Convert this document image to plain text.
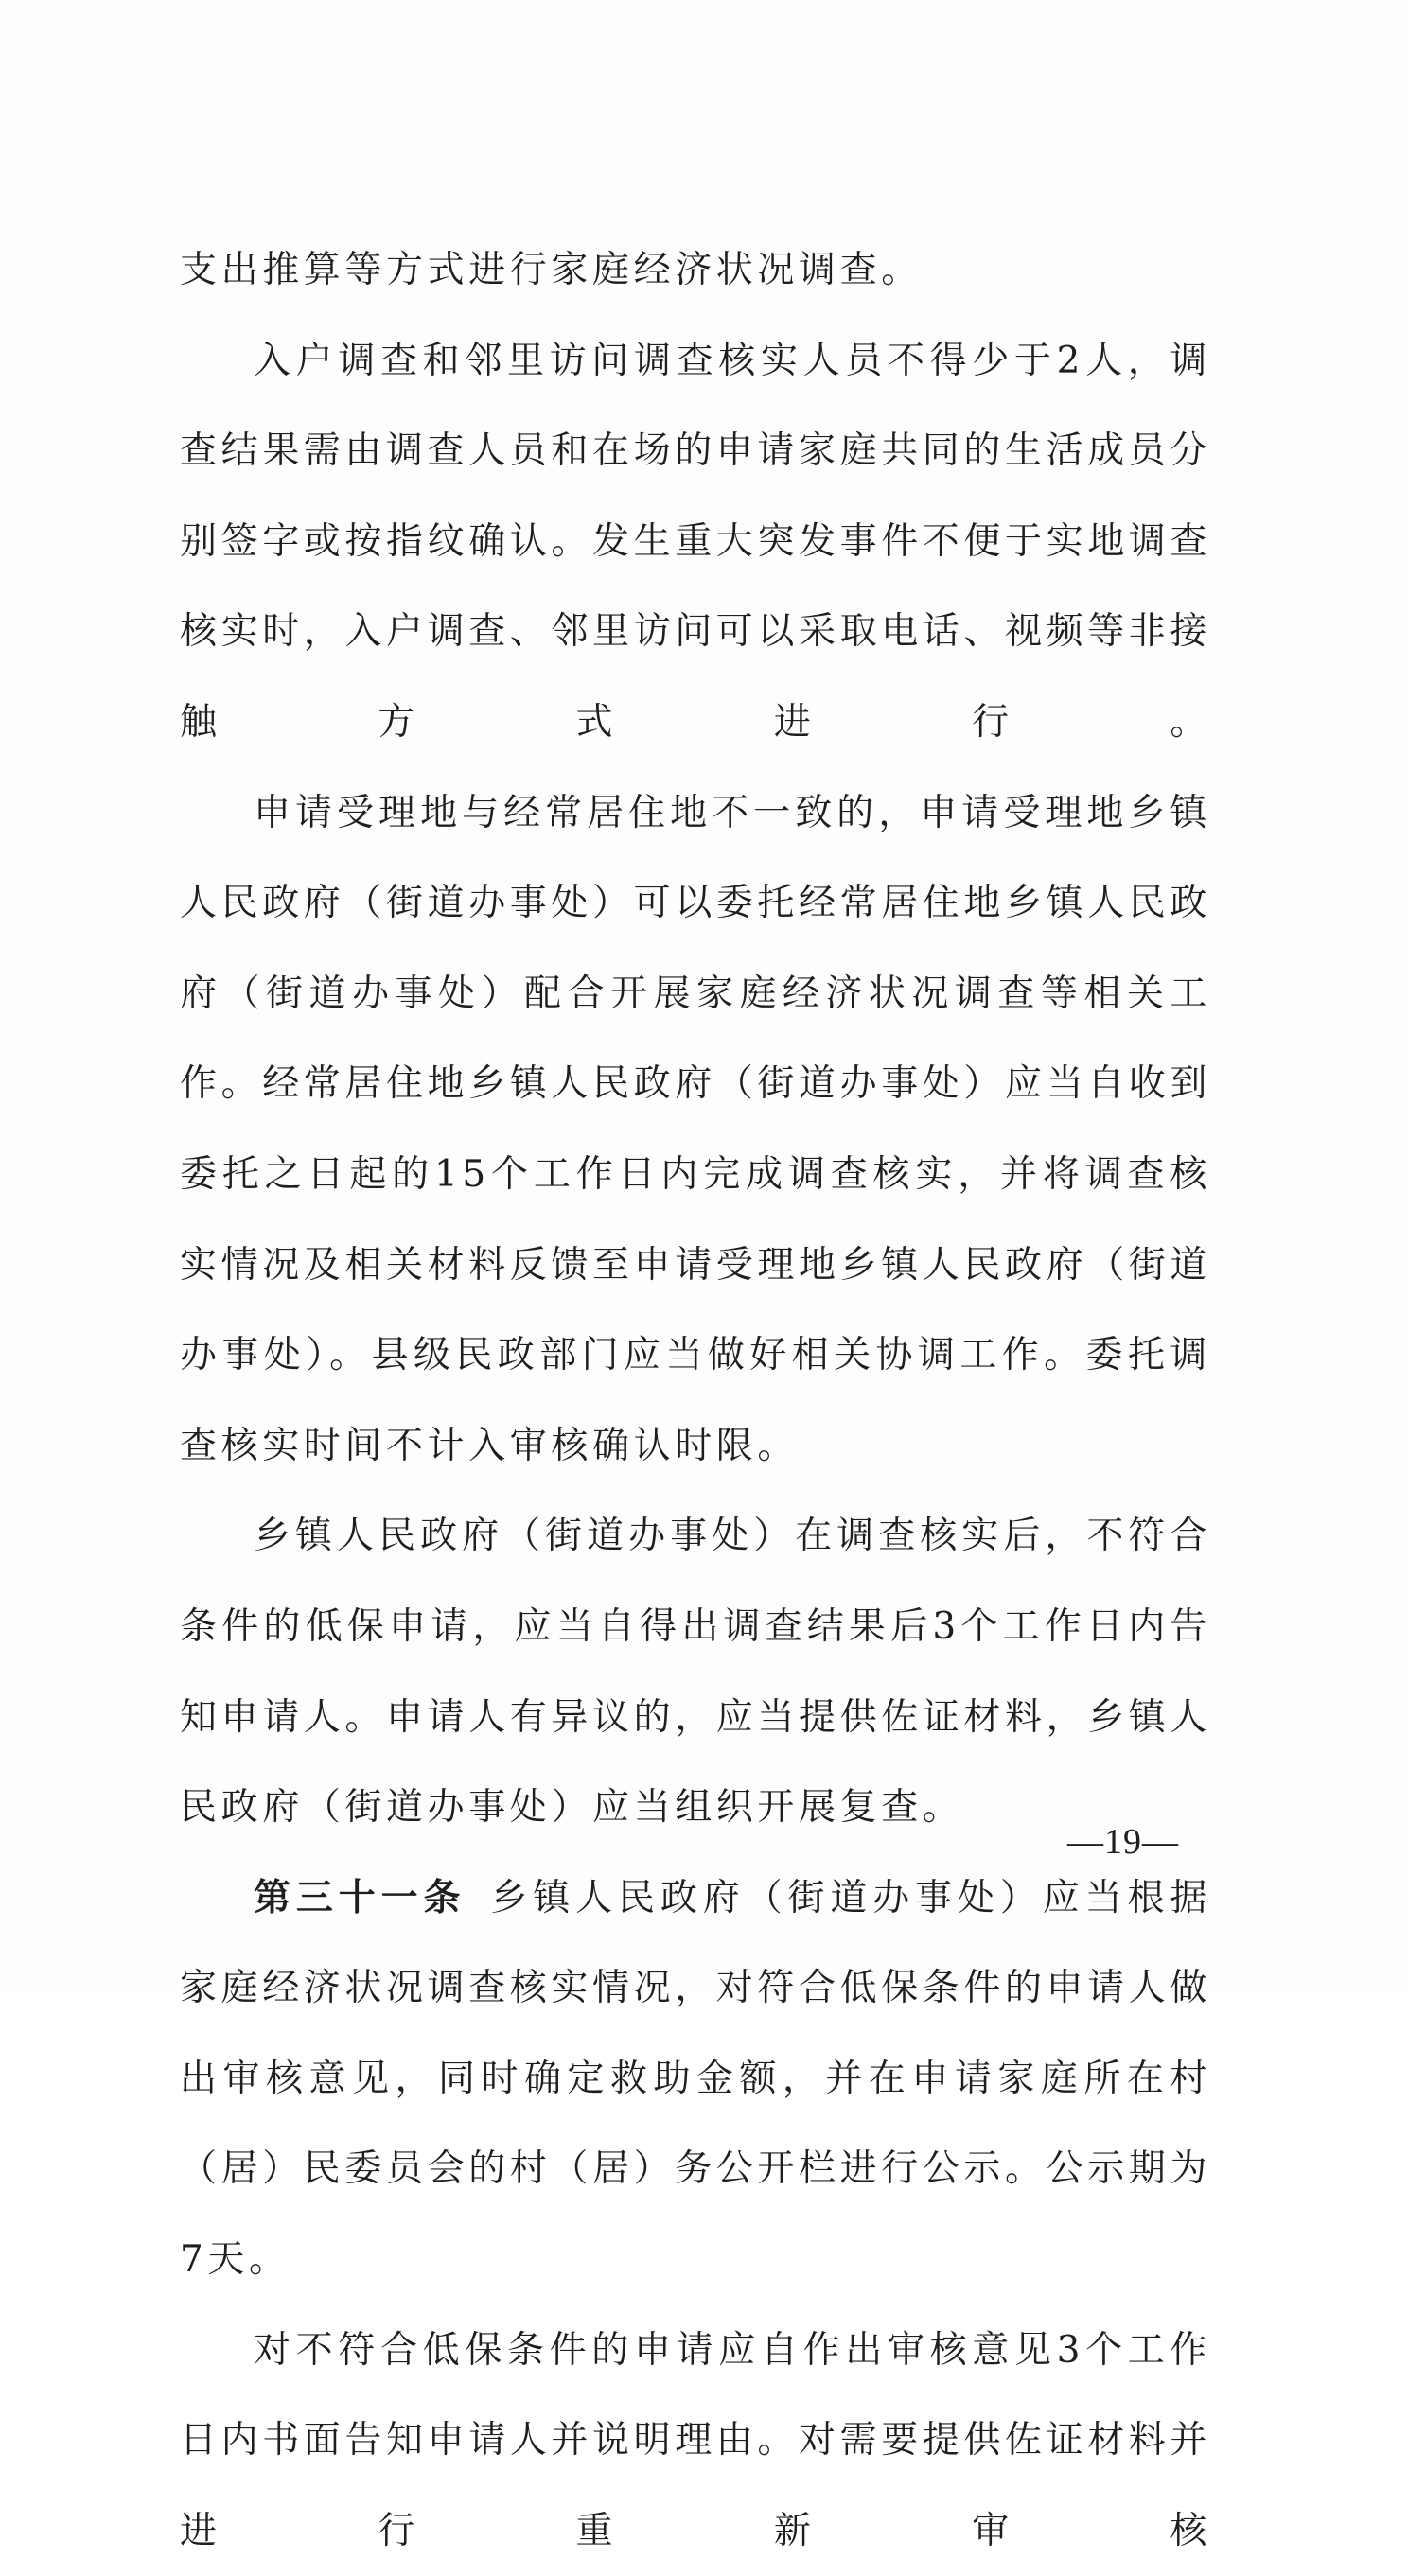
支出推算等方式进行家庭经济状况调查。

入户调查和邻里访问调查核实人员不得少于2人，调查结果需由调查人员和在场的申请家庭共同的生活成员分别签字或按指纹确认。发生重大突发事件不便于实地调查核实时，入户调查、邻里访问可以采取电话、视频等非接触方式进行。

申请受理地与经常居住地不一致的，申请受理地乡镇人民政府（街道办事处）可以委托经常居住地乡镇人民政府（街道办事处）配合开展家庭经济状况调查等相关工作。经常居住地乡镇人民政府（街道办事处）应当自收到委托之日起的15个工作日内完成调查核实，并将调查核实情况及相关材料反馈至申请受理地乡镇人民政府（街道办事处）。县级民政部门应当做好相关协调工作。委托调查核实时间不计入审核确认时限。

乡镇人民政府（街道办事处）在调查核实后，不符合条件的低保申请，应当自得出调查结果后3个工作日内告知申请人。申请人有异议的，应当提供佐证材料，乡镇人民政府（街道办事处）应当组织开展复查。

第三十一条 乡镇人民政府（街道办事处）应当根据家庭经济状况调查核实情况，对符合低保条件的申请人做出审核意见，同时确定救助金额，并在申请家庭所在村（居）民委员会的村（居）务公开栏进行公示。公示期为7天。

对不符合低保条件的申请应自作出审核意见3个工作日内书面告知申请人并说明理由。对需要提供佐证材料并进行重新审核

—19—
